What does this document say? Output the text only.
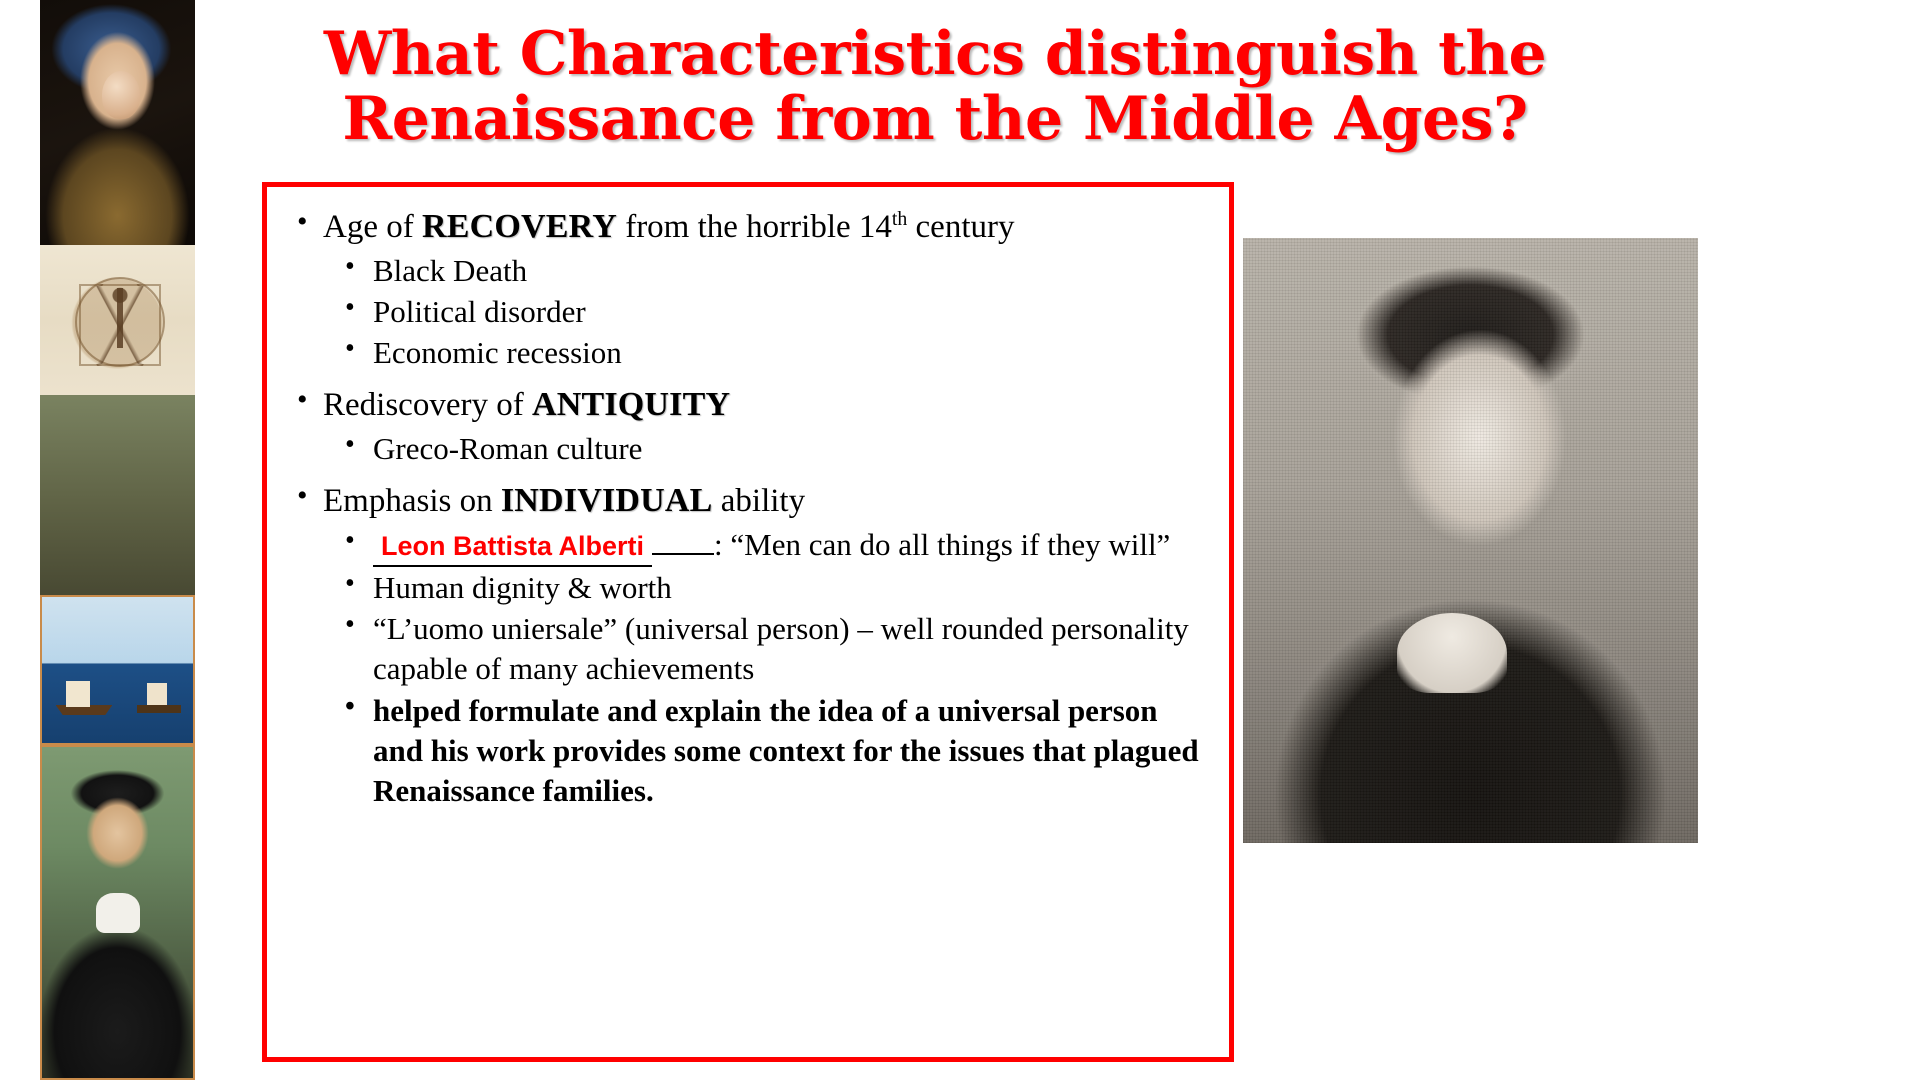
What Characteristics distinguish the Renaissance from the Middle Ages?
• Age of RECOVERY from the horrible 14th century
• Black Death
• Political disorder
• Economic recession
• Rediscovery of ANTIQUITY
• Greco-Roman culture
• Emphasis on INDIVIDUAL ability
• Leon Battista Alberti : “Men can do all things if they will”
• Human dignity & worth
• “L’uomo uniersale” (universal person) – well rounded personality capable of many achievements
• helped formulate and explain the idea of a universal person and his work provides some context for the issues that plagued Renaissance families.
